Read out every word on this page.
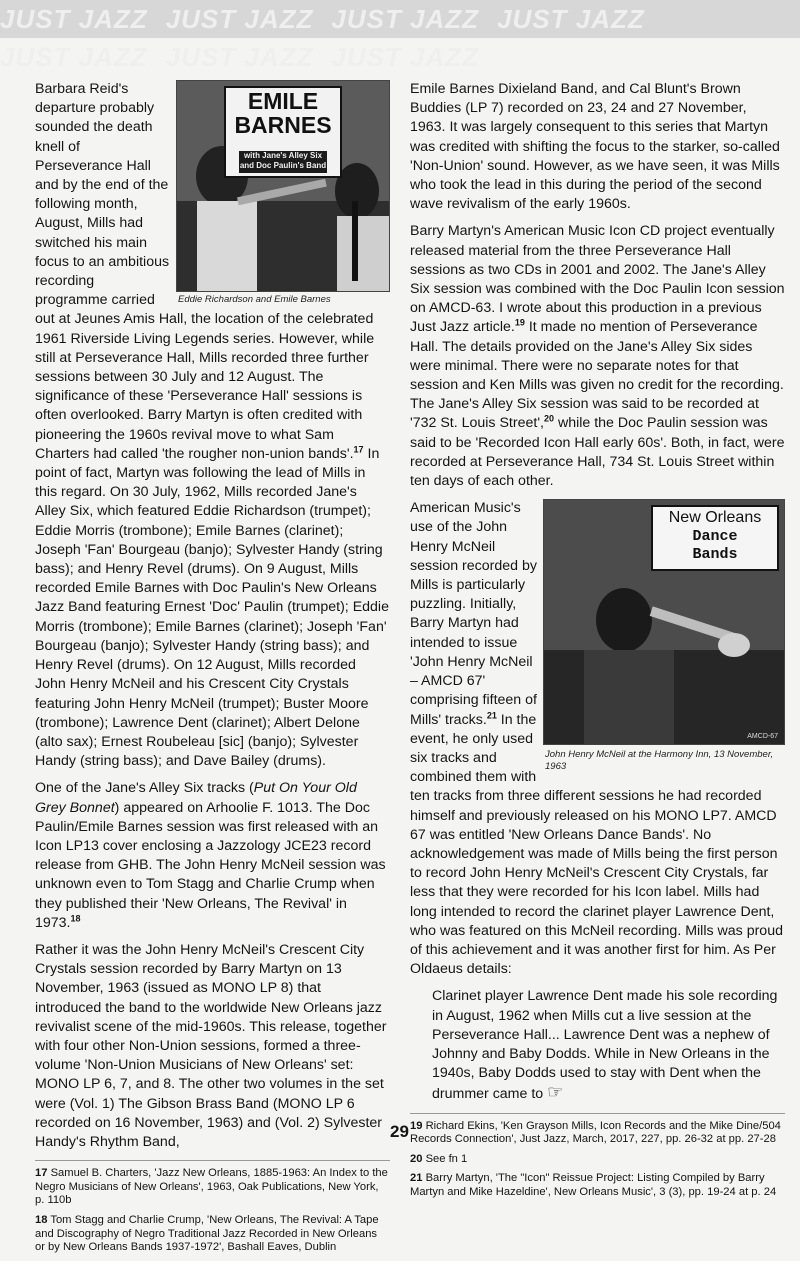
JUST JAZZ JUST JAZZ JUST JAZZ JUST JAZZJUST JAZZ JUST JAZZ JUST JAZZ
EMILE
BARNES
with Jane's Alley Six and Doc Paulin's Band
Eddie Richardson and Emile Barnes

Barbara Reid's departure probably sounded the death knell of Perseverance Hall and by the end of the following month, August, Mills had switched his main focus to an ambitious recording programme carried out at Jeunes Amis Hall, the location of the celebrated 1961 Riverside Living Legends series. However, while still at Perseverance Hall, Mills recorded three further sessions between 30 July and 12 August. The significance of these 'Perseverance Hall' sessions is often overlooked. Barry Martyn is often credited with pioneering the 1960s revival move to what Sam Charters had called 'the rougher non-union bands'.$^{17}$ In point of fact, Martyn was following the lead of Mills in this regard. On 30 July, 1962, Mills recorded Jane's Alley Six, which featured Eddie Richardson (trumpet); Eddie Morris (trombone); Emile Barnes (clarinet); Joseph 'Fan' Bourgeau (banjo); Sylvester Handy (string bass); and Henry Revel (drums). On 9 August, Mills recorded Emile Barnes with Doc Paulin's New Orleans Jazz Band featuring Ernest 'Doc' Paulin (trumpet); Eddie Morris (trombone); Emile Barnes (clarinet); Joseph 'Fan' Bourgeau (banjo); Sylvester Handy (string bass); and Henry Revel (drums). On 12 August, Mills recorded John Henry McNeil and his Crescent City Crystals featuring John Henry McNeil (trumpet); Buster Moore (trombone); Lawrence Dent (clarinet); Albert Delone (alto sax); Ernest Roubeleau [sic] (banjo); Sylvester Handy (string bass); and Dave Bailey (drums).

One of the Jane's Alley Six tracks (Put On Your Old Grey Bonnet) appeared on Arhoolie F. 1013. The Doc Paulin/Emile Barnes session was first released with an Icon LP13 cover enclosing a Jazzology JCE23 record release from GHB. The John Henry McNeil session was unknown even to Tom Stagg and Charlie Crump when they published their 'New Orleans, The Revival' in 1973.18

Rather it was the John Henry McNeil's Crescent City Crystals session recorded by Barry Martyn on 13 November, 1963 (issued as MONO LP 8) that introduced the band to the worldwide New Orleans jazz revivalist scene of the mid-1960s. This release, together with four other Non-Union sessions, formed a three-volume 'Non-Union Musicians of New Orleans' set: MONO LP 6, 7, and 8. The other two volumes in the set were (Vol. 1) The Gibson Brass Band (MONO LP 6 recorded on 16 November, 1963) and (Vol. 2) Sylvester Handy's Rhythm Band,

17 Samuel B. Charters, 'Jazz New Orleans, 1885-1963: An Index to the Negro Musicians of New Orleans', 1963, Oak Publications, New York, p. 110b
18 Tom Stagg and Charlie Crump, 'New Orleans, The Revival: A Tape and Discography of Negro Traditional Jazz Recorded in New Orleans or by New Orleans Bands 1937-1972', Bashall Eaves, Dublin

Emile Barnes Dixieland Band, and Cal Blunt's Brown Buddies (LP 7) recorded on 23, 24 and 27 November, 1963. It was largely consequent to this series that Martyn was credited with shifting the focus to the starker, so-called 'Non-Union' sound. However, as we have seen, it was Mills who took the lead in this during the period of the second wave revivalism of the early 1960s.

Barry Martyn's American Music Icon CD project eventually released material from the three Perseverance Hall sessions as two CDs in 2001 and 2002. The Jane's Alley Six session was combined with the Doc Paulin Icon session on AMCD-63. I wrote about this production in a previous Just Jazz article.$^{19}$ It made no mention of Perseverance Hall. The details provided on the Jane's Alley Six sides were minimal. There were no separate notes for that session and Ken Mills was given no credit for the recording. The Jane's Alley Six session was said to be recorded at '732 St. Louis Street',$^{20}$ while the Doc Paulin session was said to be 'Recorded Icon Hall early 60s'. Both, in fact, were recorded at Perseverance Hall, 734 St. Louis Street within ten days of each other.

New Orleans
Dance
Bands
AMCD-67
John Henry McNeil at the Harmony Inn, 13 November, 1963

American Music's use of the John Henry McNeil session recorded by Mills is particularly puzzling. Initially, Barry Martyn had intended to issue 'John Henry McNeil – AMCD 67' comprising fifteen of Mills' tracks.$^{21}$ In the event, he only used six tracks and combined them with ten tracks from three different sessions he had recorded himself and previously released on his MONO LP7. AMCD 67 was entitled 'New Orleans Dance Bands'. No acknowledgement was made of Mills being the first person to record John Henry McNeil's Crescent City Crystals, far less that they were recorded for his Icon label. Mills had long intended to record the clarinet player Lawrence Dent, who was featured on this McNeil recording. Mills was proud of this achievement and it was another first for him. As Per Oldaeus details:

Clarinet player Lawrence Dent made his sole recording in August, 1962 when Mills cut a live session at the Perseverance Hall... Lawrence Dent was a nephew of Johnny and Baby Dodds. While in New Orleans in the 1940s, Baby Dodds used to stay with Dent when the drummer came to ☞

19 Richard Ekins, 'Ken Grayson Mills, Icon Records and the Mike Dine/504 Records Connection', Just Jazz, March, 2017, 227, pp. 26-32 at pp. 27-28
20 See fn 1
21 Barry Martyn, 'The "Icon" Reissue Project: Listing Compiled by Barry Martyn and Mike Hazeldine', New Orleans Music', 3 (3), pp. 19-24 at p. 24
29
